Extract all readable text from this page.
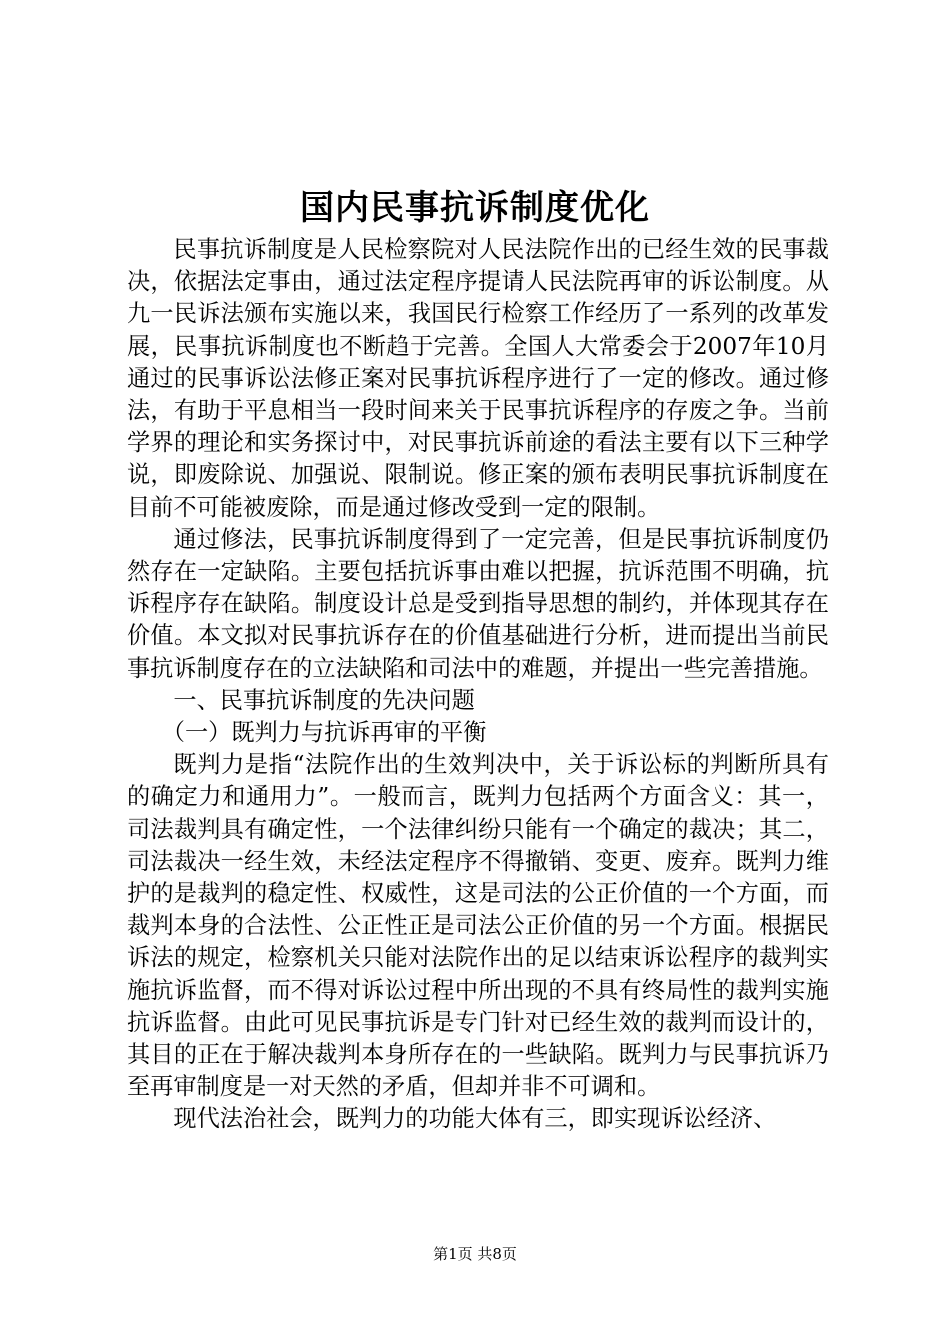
国内民事抗诉制度优化

民事抗诉制度是人民检察院对人民法院作出的已经生效的民事裁决，依据法定事由，通过法定程序提请人民法院再审的诉讼制度。从九一民诉法颁布实施以来，我国民行检察工作经历了一系列的改革发展，民事抗诉制度也不断趋于完善。全国人大常委会于2007年10月通过的民事诉讼法修正案对民事抗诉程序进行了一定的修改。通过修法，有助于平息相当一段时间来关于民事抗诉程序的存废之争。当前学界的理论和实务探讨中，对民事抗诉前途的看法主要有以下三种学说，即废除说、加强说、限制说。修正案的颁布表明民事抗诉制度在目前不可能被废除，而是通过修改受到一定的限制。

通过修法，民事抗诉制度得到了一定完善，但是民事抗诉制度仍然存在一定缺陷。主要包括抗诉事由难以把握，抗诉范围不明确，抗诉程序存在缺陷。制度设计总是受到指导思想的制约，并体现其存在价值。本文拟对民事抗诉存在的价值基础进行分析，进而提出当前民事抗诉制度存在的立法缺陷和司法中的难题，并提出一些完善措施。

一、民事抗诉制度的先决问题

（一）既判力与抗诉再审的平衡

既判力是指“法院作出的生效判决中，关于诉讼标的判断所具有的确定力和通用力”。一般而言，既判力包括两个方面含义：其一，司法裁判具有确定性，一个法律纠纷只能有一个确定的裁决；其二，司法裁决一经生效，未经法定程序不得撤销、变更、废弃。既判力维护的是裁判的稳定性、权威性，这是司法的公正价值的一个方面，而裁判本身的合法性、公正性正是司法公正价值的另一个方面。根据民诉法的规定，检察机关只能对法院作出的足以结束诉讼程序的裁判实施抗诉监督，而不得对诉讼过程中所出现的不具有终局性的裁判实施抗诉监督。由此可见民事抗诉是专门针对已经生效的裁判而设计的，其目的正在于解决裁判本身所存在的一些缺陷。既判力与民事抗诉乃至再审制度是一对天然的矛盾，但却并非不可调和。

现代法治社会，既判力的功能大体有三，即实现诉讼经济、

第1页 共8页
